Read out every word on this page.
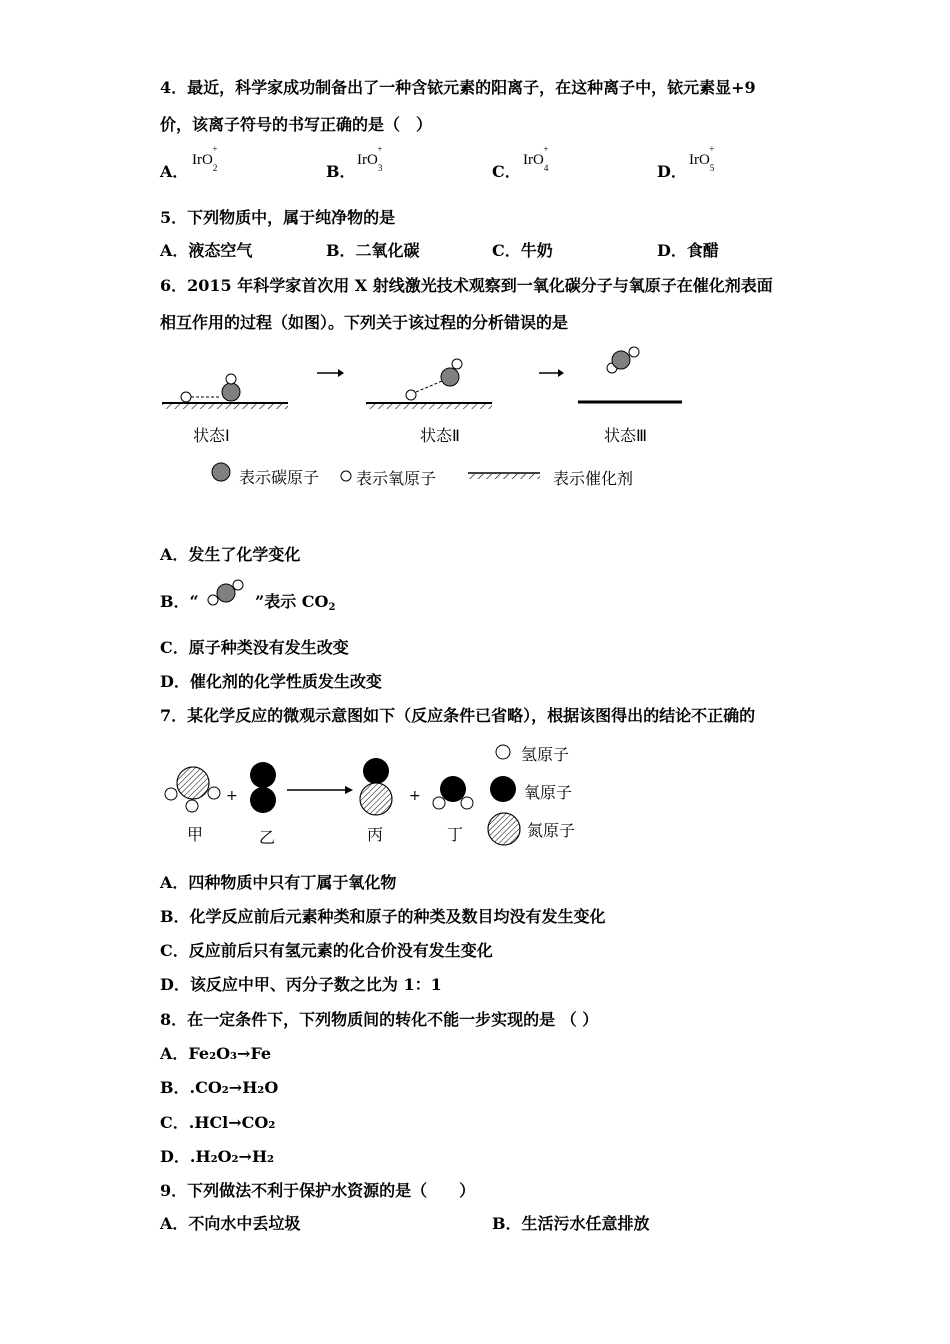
4．最近，科学家成功制备出了一种含铱元素的阳离子，在这种离子中，铱元素显+9
价，该离子符号的书写正确的是（　）
A．
IrO$_2$+
B．
IrO$_3$+
C．
IrO$_4$+
D．
IrO$_5$+
5．下列物质中，属于纯净物的是
A．液态空气	B．二氧化碳	C．牛奶	D．食醋
6．2015 年科学家首次用 X 射线激光技术观察到一氧化碳分子与氧原子在催化剂表面
相互作用的过程（如图）。下列关于该过程的分析错误的是
状态Ⅰ	状态Ⅱ	状态Ⅲ
表示碳原子 表示氧原子	表示催化剂
A．发生了化学变化
B．“	”表示 $CO_2$
C．原子种类没有发生改变
D．催化剂的化学性质发生改变
7．某化学反应的微观示意图如下（反应条件已省略），根据该图得出的结论不正确的
+	+
甲	乙	丙	丁
氢原子
氧原子
氮原子
A．四种物质中只有丁属于氧化物
B．化学反应前后元素种类和原子的种类及数目均没有发生变化
C．反应前后只有氢元素的化合价没有发生变化
D．该反应中甲、丙分子数之比为 1：1
8．在一定条件下，下列物质间的转化不能一步实现的是 （ ）
A．Fe₂O₃→Fe
B．.CO₂→H₂O
C．.HCl→CO₂
D．.H₂O₂→H₂
9．下列做法不利于保护水资源的是（　　）
A．不向水中丢垃圾	B．生活污水任意排放
